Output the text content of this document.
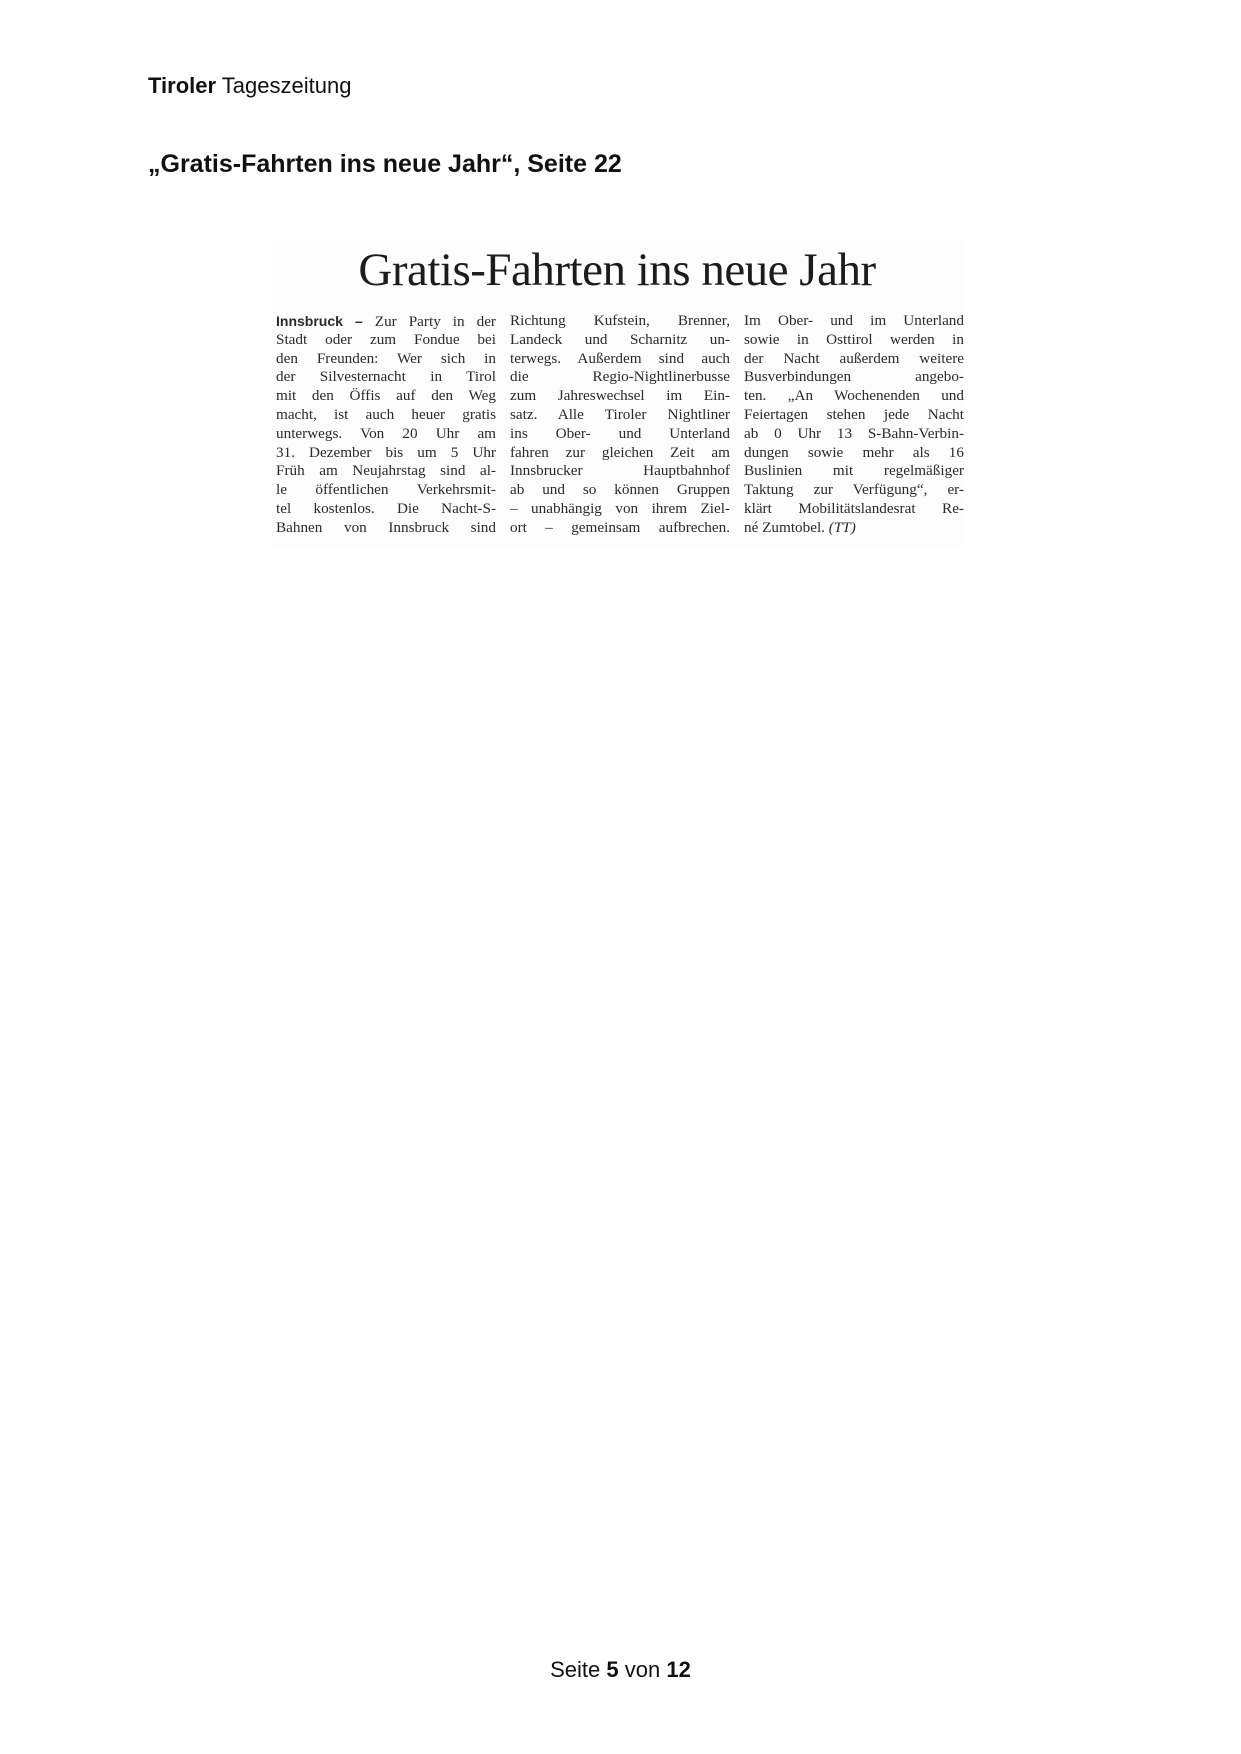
Tiroler Tageszeitung
„Gratis-Fahrten ins neue Jahr“, Seite 22
Gratis-Fahrten ins neue Jahr
Innsbruck – Zur Party in der
Stadt oder zum Fondue bei
den Freunden: Wer sich in
der Silvesternacht in Tirol
mit den Öffis auf den Weg
macht, ist auch heuer gratis
unterwegs. Von 20 Uhr am
31. Dezember bis um 5 Uhr
Früh am Neujahrstag sind al-
le öffentlichen Verkehrsmit-
tel kostenlos. Die Nacht-S-
Bahnen von Innsbruck sind
Richtung Kufstein, Brenner,
Landeck und Scharnitz un-
terwegs. Außerdem sind auch
die Regio-Nightlinerbusse
zum Jahreswechsel im Ein-
satz. Alle Tiroler Nightliner
ins Ober- und Unterland
fahren zur gleichen Zeit am
Innsbrucker Hauptbahnhof
ab und so können Gruppen
– unabhängig von ihrem Ziel-
ort – gemeinsam aufbrechen.
Im Ober- und im Unterland
sowie in Osttirol werden in
der Nacht außerdem weitere
Busverbindungen angebo-
ten. „An Wochenenden und
Feiertagen stehen jede Nacht
ab 0 Uhr 13 S-Bahn-Verbin-
dungen sowie mehr als 16
Buslinien mit regelmäßiger
Taktung zur Verfügung“, er-
klärt Mobilitätslandesrat Re-
né Zumtobel. (TT)
Seite 5 von 12
